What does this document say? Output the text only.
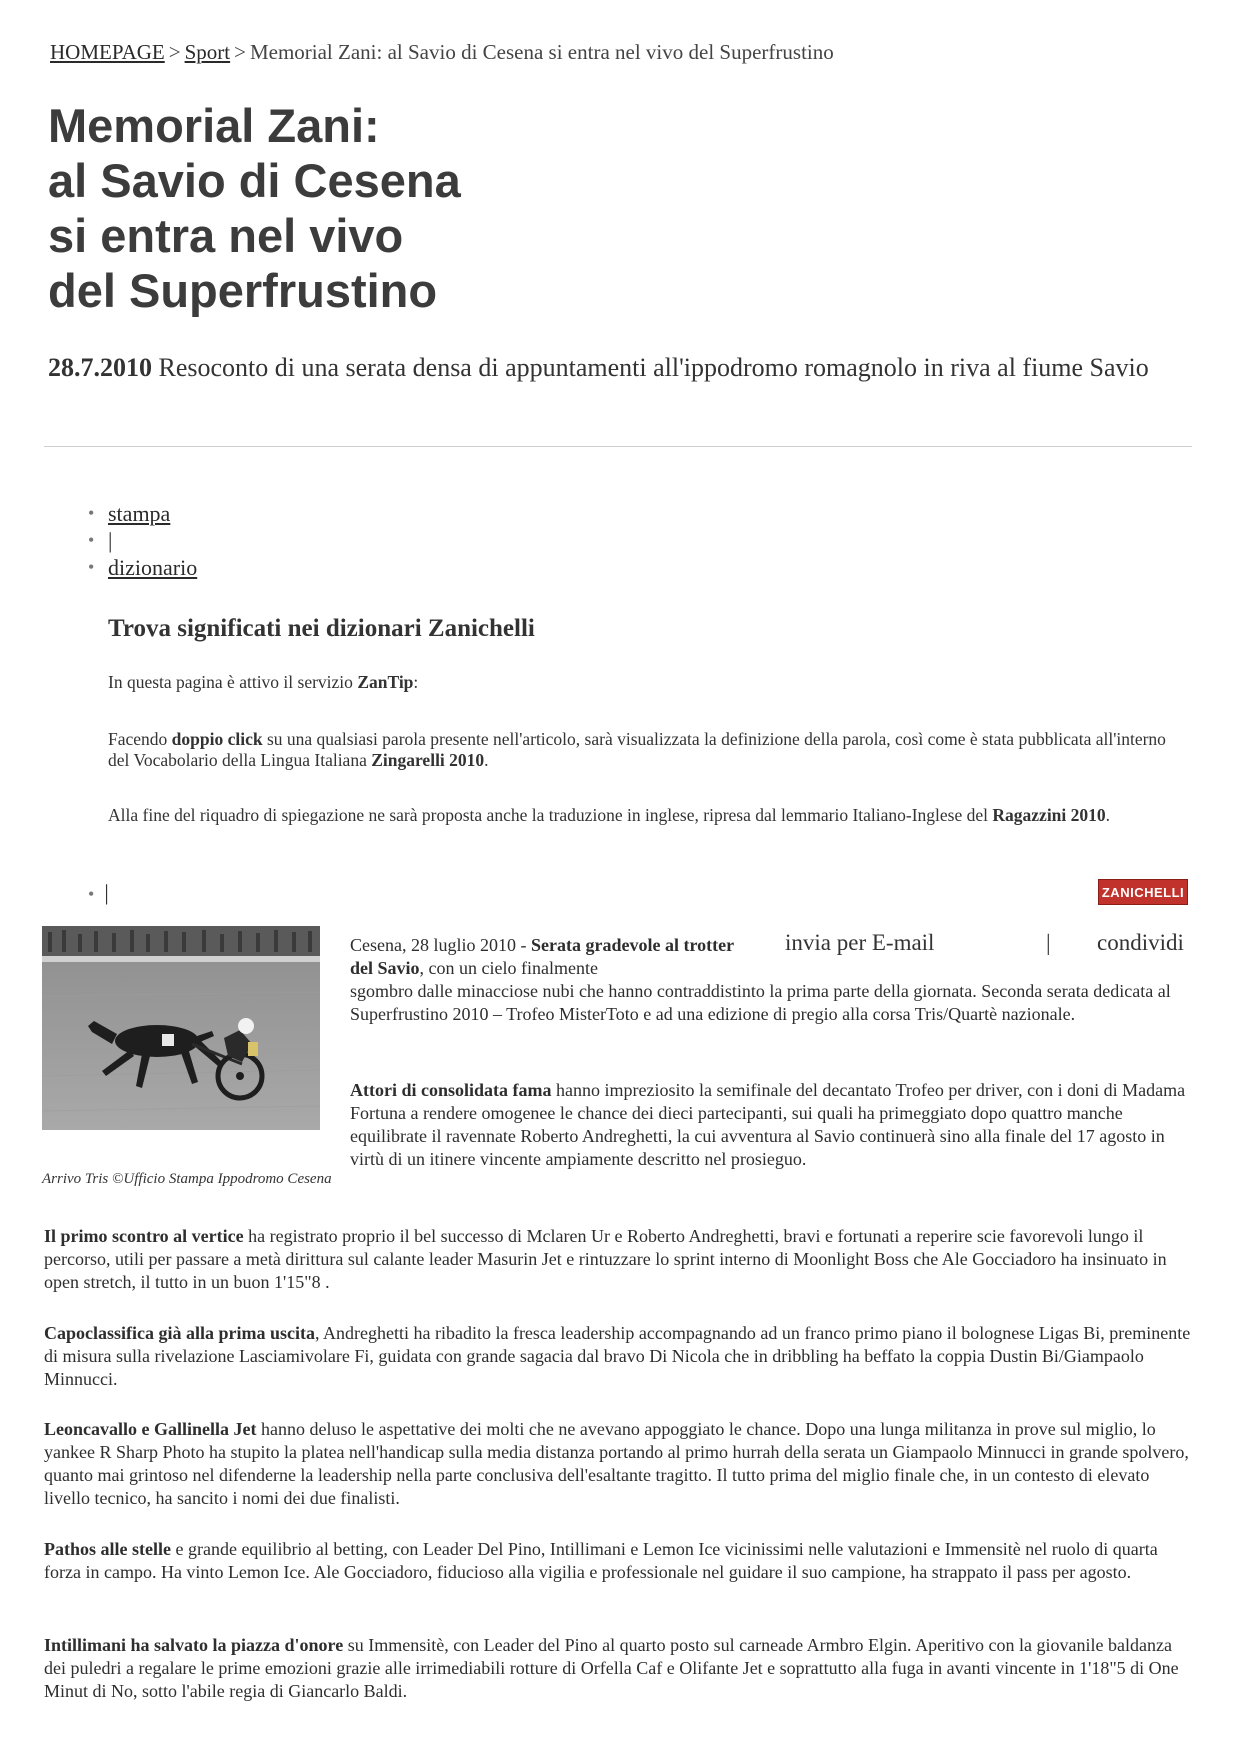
HOMEPAGE > Sport > Memorial Zani: al Savio di Cesena si entra nel vivo del Superfrustino
Memorial Zani:
al Savio di Cesena
si entra nel vivo
del Superfrustino
28.7.2010 Resoconto di una serata densa di appuntamenti all'ippodromo romagnolo in riva al fiume Savio
• stampa
• |
• dizionario
Trova significati nei dizionari Zanichelli

In questa pagina è attivo il servizio ZanTip:

Facendo doppio click su una qualsiasi parola presente nell'articolo, sarà visualizzata la definizione della parola, così come è stata pubblicata all'interno del Vocabolario della Lingua Italiana Zingarelli 2010.

Alla fine del riquadro di spiegazione ne sarà proposta anche la traduzione in inglese, ripresa dal lemmario Italiano-Inglese del Ragazzini 2010.

• |	ZANICHELLI
Arrivo Tris ©Ufficio Stampa Ippodromo Cesena
invia per E-mail	| condividi

Cesena, 28 luglio 2010 - Serata gradevole al trotter del Savio, con un cielo finalmente

sgombro dalle minacciose nubi che hanno contraddistinto la prima parte della giornata. Seconda serata dedicata al Superfrustino 2010 – Trofeo MisterToto e ad una edizione di pregio alla corsa Tris/Quartè nazionale.

Attori di consolidata fama hanno impreziosito la semifinale del decantato Trofeo per driver, con i doni di Madama Fortuna a rendere omogenee le chance dei dieci partecipanti, sui quali ha primeggiato dopo quattro manche equilibrate il ravennate Roberto Andreghetti, la cui avventura al Savio continuerà sino alla finale del 17 agosto in virtù di un itinere vincente ampiamente descritto nel prosieguo.

Il primo scontro al vertice ha registrato proprio il bel successo di Mclaren Ur e Roberto Andreghetti, bravi e fortunati a reperire scie favorevoli lungo il percorso, utili per passare a metà dirittura sul calante leader Masurin Jet e rintuzzare lo sprint interno di Moonlight Boss che Ale Gocciadoro ha insinuato in open stretch, il tutto in un buon 1'15"8 .

Capoclassifica già alla prima uscita, Andreghetti ha ribadito la fresca leadership accompagnando ad un franco primo piano il bolognese Ligas Bi, preminente di misura sulla rivelazione Lasciamivolare Fi, guidata con grande sagacia dal bravo Di Nicola che in dribbling ha beffato la coppia Dustin Bi/Giampaolo Minnucci.

Leoncavallo e Gallinella Jet hanno deluso le aspettative dei molti che ne avevano appoggiato le chance. Dopo una lunga militanza in prove sul miglio, lo yankee R Sharp Photo ha stupito la platea nell'handicap sulla media distanza portando al primo hurrah della serata un Giampaolo Minnucci in grande spolvero, quanto mai grintoso nel difenderne la leadership nella parte conclusiva dell'esaltante tragitto. Il tutto prima del miglio finale che, in un contesto di elevato livello tecnico, ha sancito i nomi dei due finalisti.

Pathos alle stelle e grande equilibrio al betting, con Leader Del Pino, Intillimani e Lemon Ice vicinissimi nelle valutazioni e Immensitè nel ruolo di quarta forza in campo. Ha vinto Lemon Ice. Ale Gocciadoro, fiducioso alla vigilia e professionale nel guidare il suo campione, ha strappato il pass per agosto.

Intillimani ha salvato la piazza d'onore su Immensitè, con Leader del Pino al quarto posto sul carneade Armbro Elgin. Aperitivo con la giovanile baldanza dei puledri a regalare le prime emozioni grazie alle irrimediabili rotture di Orfella Caf e Olifante Jet e soprattutto alla fuga in avanti vincente in 1'18"5 di One Minut di No, sotto l'abile regia di Giancarlo Baldi.
